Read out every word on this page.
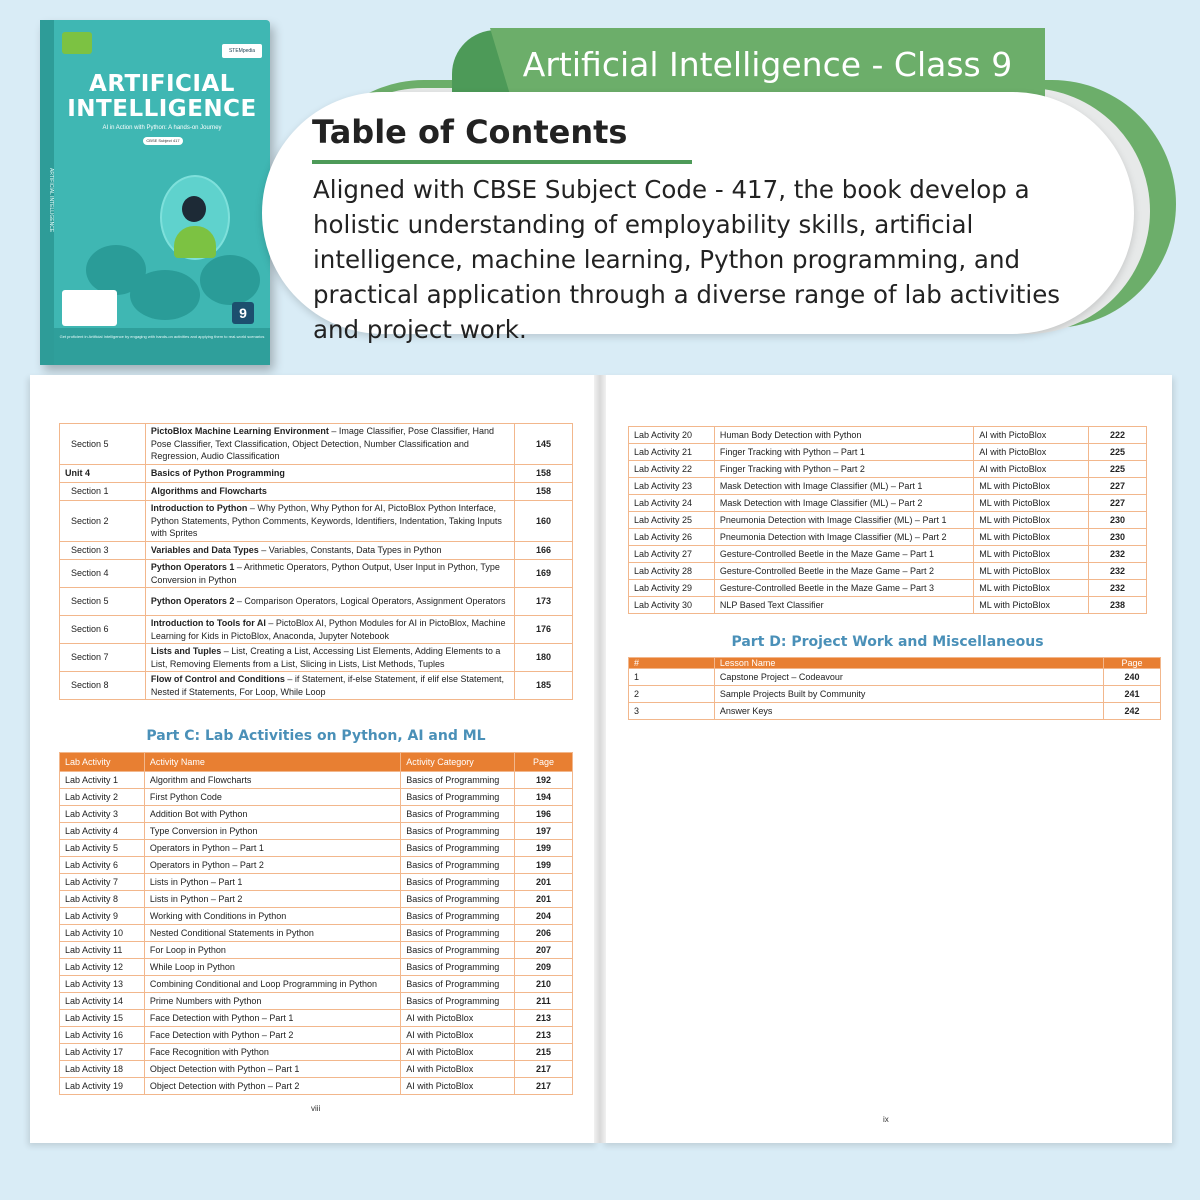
ARTIFICIAL INTELLIGENCE
STEMpedia
ARTIFICIAL INTELLIGENCE
AI in Action with Python: A hands-on Journey
CBSE Subject 417
9
Get proficient in Artificial Intelligence by engaging with hands-on activities and applying them to real-world scenarios
Artificial Intelligence - Class 9
Table of Contents
Aligned with CBSE Subject Code - 417, the book develop a holistic understanding of employability skills, artificial intelligence, machine learning, Python programming, and practical application through a diverse range of lab activities and project work.
Section 5	PictoBlox Machine Learning Environment – Image Classifier, Pose Classifier, Hand Pose Classifier, Text Classification, Object Detection, Number Classification and Regression, Audio Classification	145
Unit 4	Basics of Python Programming	158
Section 1	Algorithms and Flowcharts	158
Section 2	Introduction to Python – Why Python, Why Python for AI, PictoBlox Python Interface, Python Statements, Python Comments, Keywords, Identifiers, Indentation, Taking Inputs with Sprites	160
Section 3	Variables and Data Types – Variables, Constants, Data Types in Python	166
Section 4	Python Operators 1 – Arithmetic Operators, Python Output, User Input in Python, Type Conversion in Python	169
Section 5	Python Operators 2 – Comparison Operators, Logical Operators, Assignment Operators	173
Section 6	Introduction to Tools for AI – PictoBlox AI, Python Modules for AI in PictoBlox, Machine Learning for Kids in PictoBlox, Anaconda, Jupyter Notebook	176
Section 7	Lists and Tuples – List, Creating a List, Accessing List Elements, Adding Elements to a List, Removing Elements from a List, Slicing in Lists, List Methods, Tuples	180
Section 8	Flow of Control and Conditions – if Statement, if-else Statement, if elif else Statement, Nested if Statements, For Loop, While Loop	185
Part C: Lab Activities on Python, AI and ML
Lab Activity	Activity Name	Activity Category	Page
Lab Activity 1	Algorithm and Flowcharts	Basics of Programming	192
Lab Activity 2	First Python Code	Basics of Programming	194
Lab Activity 3	Addition Bot with Python	Basics of Programming	196
Lab Activity 4	Type Conversion in Python	Basics of Programming	197
Lab Activity 5	Operators in Python – Part 1	Basics of Programming	199
Lab Activity 6	Operators in Python – Part 2	Basics of Programming	199
Lab Activity 7	Lists in Python – Part 1	Basics of Programming	201
Lab Activity 8	Lists in Python – Part 2	Basics of Programming	201
Lab Activity 9	Working with Conditions in Python	Basics of Programming	204
Lab Activity 10	Nested Conditional Statements in Python	Basics of Programming	206
Lab Activity 11	For Loop in Python	Basics of Programming	207
Lab Activity 12	While Loop in Python	Basics of Programming	209
Lab Activity 13	Combining Conditional and Loop Programming in Python	Basics of Programming	210
Lab Activity 14	Prime Numbers with Python	Basics of Programming	211
Lab Activity 15	Face Detection with Python – Part 1	AI with PictoBlox	213
Lab Activity 16	Face Detection with Python – Part 2	AI with PictoBlox	213
Lab Activity 17	Face Recognition with Python	AI with PictoBlox	215
Lab Activity 18	Object Detection with Python – Part 1	AI with PictoBlox	217
Lab Activity 19	Object Detection with Python – Part 2	AI with PictoBlox	217
viii
Lab Activity 20	Human Body Detection with Python	AI with PictoBlox	222
Lab Activity 21	Finger Tracking with Python – Part 1	AI with PictoBlox	225
Lab Activity 22	Finger Tracking with Python – Part 2	AI with PictoBlox	225
Lab Activity 23	Mask Detection with Image Classifier (ML) – Part 1	ML with PictoBlox	227
Lab Activity 24	Mask Detection with Image Classifier (ML) – Part 2	ML with PictoBlox	227
Lab Activity 25	Pneumonia Detection with Image Classifier (ML) – Part 1	ML with PictoBlox	230
Lab Activity 26	Pneumonia Detection with Image Classifier (ML) – Part 2	ML with PictoBlox	230
Lab Activity 27	Gesture-Controlled Beetle in the Maze Game – Part 1	ML with PictoBlox	232
Lab Activity 28	Gesture-Controlled Beetle in the Maze Game – Part 2	ML with PictoBlox	232
Lab Activity 29	Gesture-Controlled Beetle in the Maze Game – Part 3	ML with PictoBlox	232
Lab Activity 30	NLP Based Text Classifier	ML with PictoBlox	238
Part D: Project Work and Miscellaneous
#	Lesson Name	Page
1	Capstone Project – Codeavour	240
2	Sample Projects Built by Community	241
3	Answer Keys	242
ix
